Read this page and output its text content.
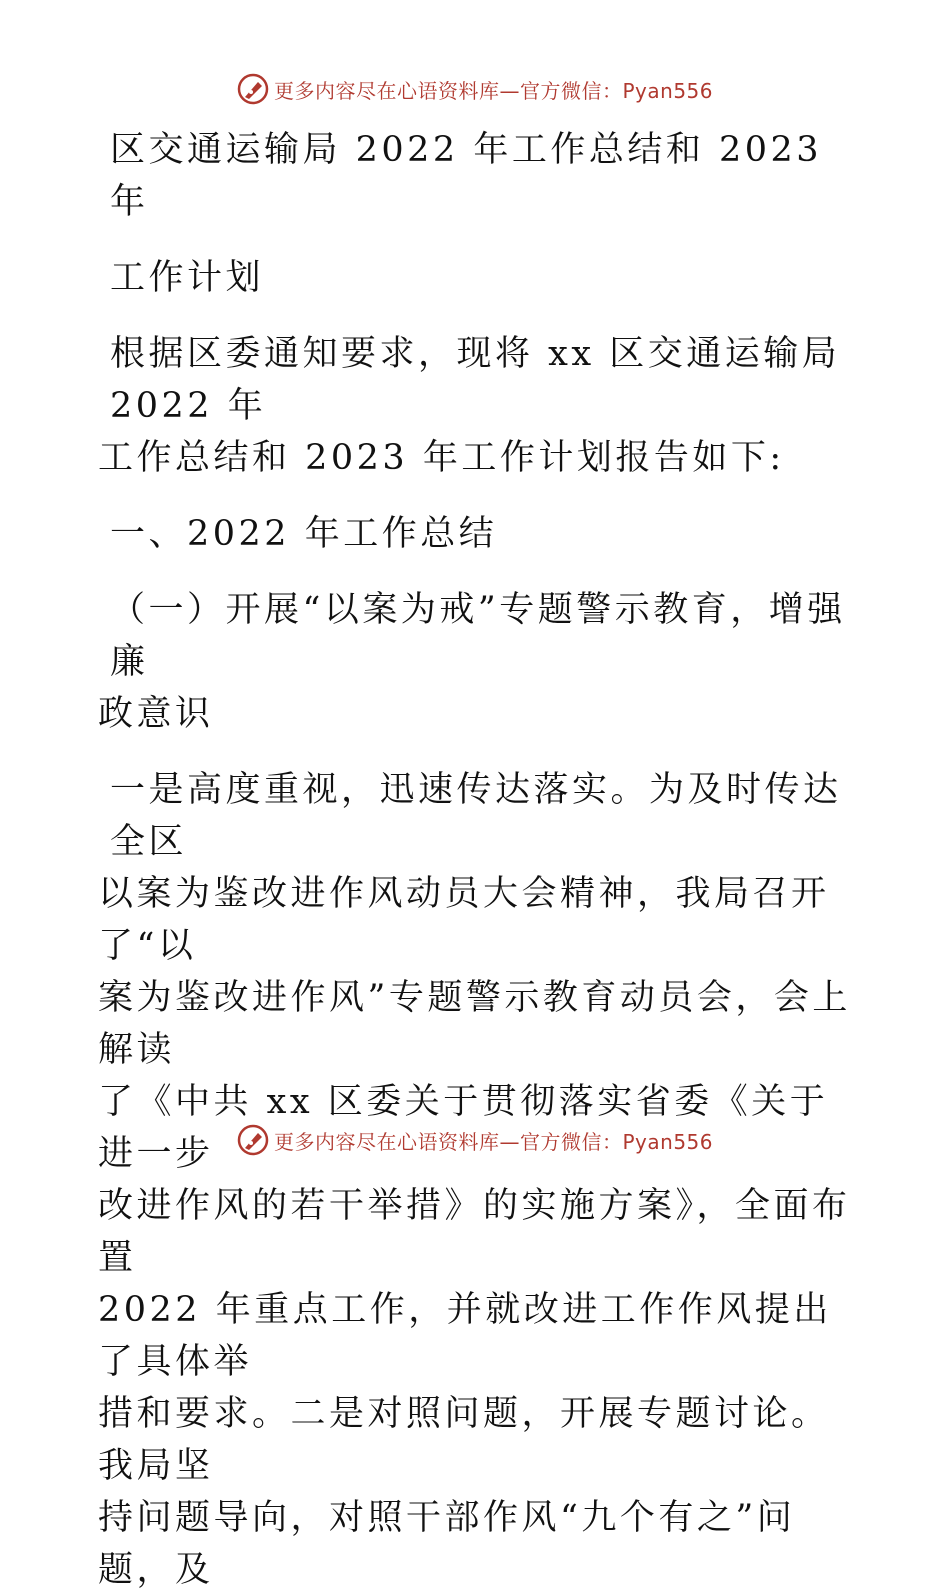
更多内容尽在心语资料库—官方微信：Pyan556

区交通运输局 2022 年工作总结和 2023 年

工作计划

根据区委通知要求，现将 xx 区交通运输局 2022 年
工作总结和 2023 年工作计划报告如下:

一、2022 年工作总结

（一）开展“以案为戒”专题警示教育，增强廉
政意识

一是高度重视，迅速传达落实。为及时传达全区
以案为鉴改进作风动员大会精神，我局召开了“以
案为鉴改进作风”专题警示教育动员会，会上解读
了《中共 xx 区委关于贯彻落实省委《关于进一步
改进作风的若干举措》的实施方案》，全面布置
2022 年重点工作，并就改进工作作风提出了具体举
措和要求。二是对照问题，开展专题讨论。我局坚
持问题导向，对照干部作风“九个有之”问题，及

更多内容尽在心语资料库—官方微信：Pyan556
